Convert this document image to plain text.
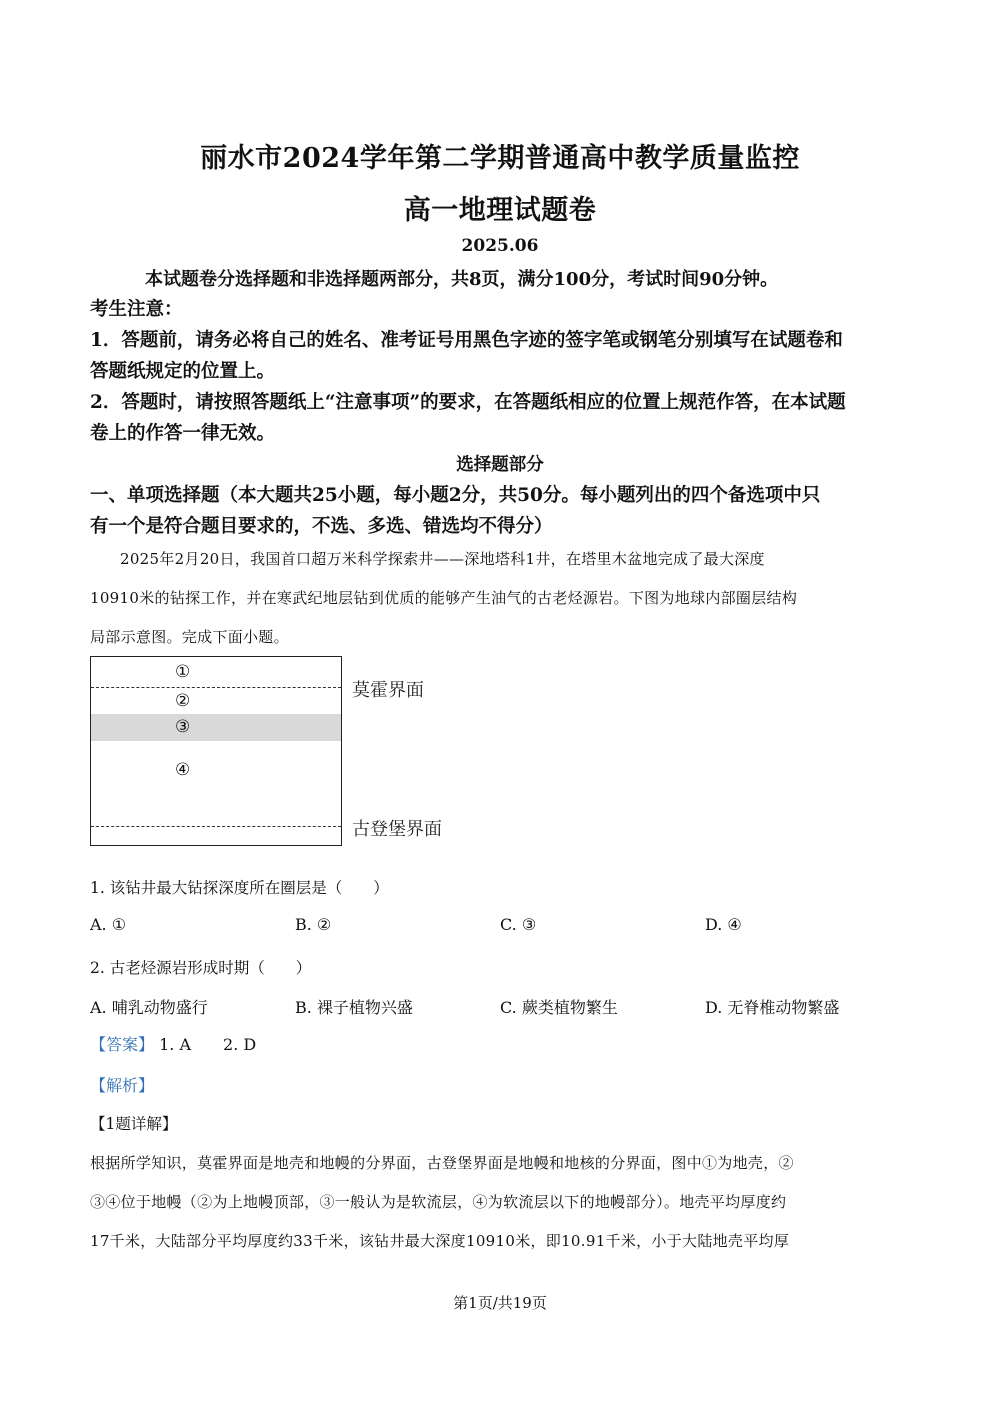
丽水市2024学年第二学期普通高中教学质量监控
高一地理试题卷
2025.06
本试题卷分选择题和非选择题两部分，共8页，满分100分，考试时间90分钟。
考生注意：
1．答题前，请务必将自己的姓名、准考证号用黑色字迹的签字笔或钢笔分别填写在试题卷和
答题纸规定的位置上。
2．答题时，请按照答题纸上“注意事项”的要求，在答题纸相应的位置上规范作答，在本试题
卷上的作答一律无效。
选择题部分
一、单项选择题（本大题共25小题，每小题2分，共50分。每小题列出的四个备选项中只
有一个是符合题目要求的，不选、多选、错选均不得分）
2025年2月20日，我国首口超万米科学探索井——深地塔科1井，在塔里木盆地完成了最大深度
10910米的钻探工作，并在寒武纪地层钻到优质的能够产生油气的古老烃源岩。下图为地球内部圈层结构
局部示意图。完成下面小题。
①
②
③
④
莫霍界面
古登堡界面
1. 该钻井最大钻探深度所在圈层是（　　）
A. ①	B. ②	C. ③	D. ④
2. 古老烃源岩形成时期（　　）
A. 哺乳动物盛行	B. 裸子植物兴盛	C. 蕨类植物繁生	D. 无脊椎动物繁盛
【答案】 1. A　　2. D
【解析】
【1题详解】
根据所学知识，莫霍界面是地壳和地幔的分界面，古登堡界面是地幔和地核的分界面，图中①为地壳，②
③④位于地幔（②为上地幔顶部，③一般认为是软流层，④为软流层以下的地幔部分）。地壳平均厚度约
17千米，大陆部分平均厚度约33千米，该钻井最大深度10910米，即10.91千米，小于大陆地壳平均厚
第1页/共19页
